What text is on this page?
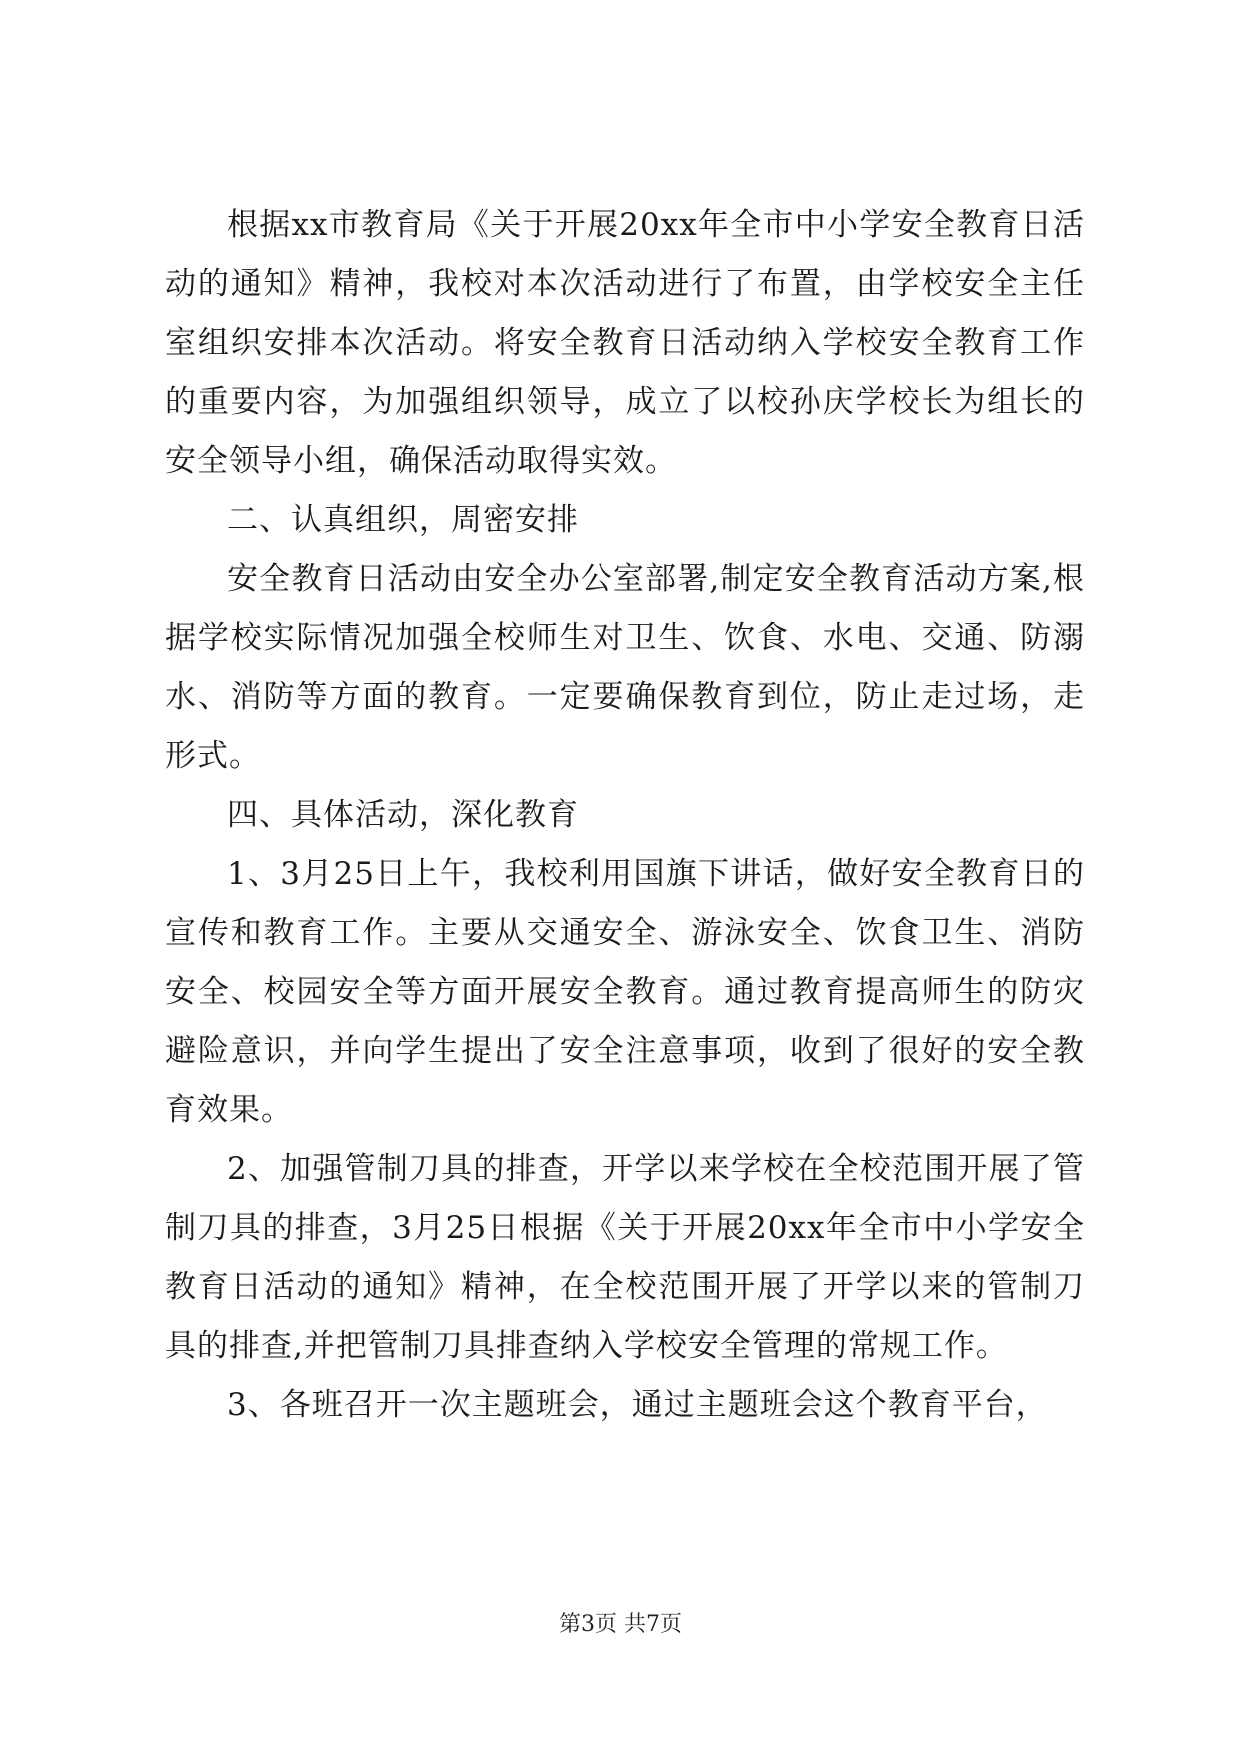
根据xx市教育局《关于开展20xx年全市中小学安全教育日活动的通知》精神，我校对本次活动进行了布置，由学校安全主任室组织安排本次活动。将安全教育日活动纳入学校安全教育工作的重要内容，为加强组织领导，成立了以校孙庆学校长为组长的安全领导小组，确保活动取得实效。

二、认真组织，周密安排

安全教育日活动由安全办公室部署,制定安全教育活动方案,根据学校实际情况加强全校师生对卫生、饮食、水电、交通、防溺水、消防等方面的教育。一定要确保教育到位，防止走过场，走形式。

四、具体活动，深化教育

1、3月25日上午，我校利用国旗下讲话，做好安全教育日的宣传和教育工作。主要从交通安全、游泳安全、饮食卫生、消防安全、校园安全等方面开展安全教育。通过教育提高师生的防灾避险意识，并向学生提出了安全注意事项，收到了很好的安全教育效果。

2、加强管制刀具的排查，开学以来学校在全校范围开展了管制刀具的排查，3月25日根据《关于开展20xx年全市中小学安全教育日活动的通知》精神，在全校范围开展了开学以来的管制刀具的排查,并把管制刀具排查纳入学校安全管理的常规工作。

3、各班召开一次主题班会，通过主题班会这个教育平台，

第3页 共7页
